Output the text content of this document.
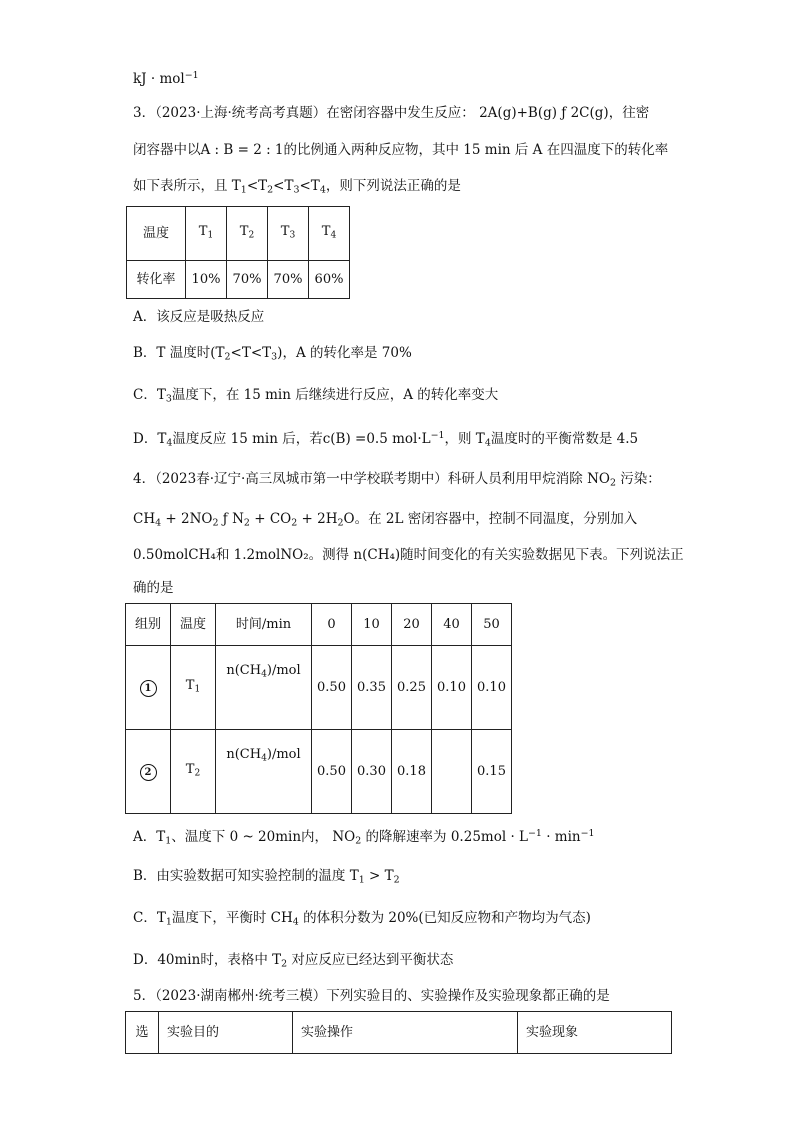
kJ · mol$^{-1}$
3．（2023·上海·统考高考真题）在密闭容器中发生反应： 2A(g)+B(g) ƒ 2C(g)，往密
闭容器中以A : B = 2 : 1的比例通入两种反应物，其中 15 min 后 A 在四温度下的转化率
如下表所示，且 $T_1<T_2<T_3<T_4$，则下列说法正确的是
温度	$T_1$	$T_2$	$T_3$	$T_4$
转化率	10%	70%	70%	60%
A．该反应是吸热反应
B．T 温度时$(T_2<T<T_3)$，A 的转化率是 70%
C．$T_3$温度下，在 15 min 后继续进行反应，A 的转化率变大
D．$T_4$温度反应 15 min 后，若c(B) =0.5 $mol\cdot L^{-1}$，则 $T_4$温度时的平衡常数是 4.5
4．（2023春·辽宁·高三凤城市第一中学校联考期中）科研人员利用甲烷消除 $NO_2$ 污染：
$CH_4 + 2NO_2$ ƒ $N_2 + CO_2 + 2H_2O$。在 2L 密闭容器中，控制不同温度，分别加入
0.50molCH₄和 1.2molNO₂。测得 n(CH₄)随时间变化的有关实验数据见下表。下列说法正
确的是
组别	温度	时间/min	0	10	20	40	50
1	$T_1$	$n(CH_4)$/mol	0.50	0.35	0.25	0.10	0.10
2	$T_2$	$n(CH_4)$/mol	0.50	0.30	0.18		0.15
A．$T_1$、温度下 0 ~ 20min内， $NO_2$ 的降解速率为 $0.25mol \cdot L^{-1} \cdot \min^{-1}$
B．由实验数据可知实验控制的温度 $T_1 > T_2$
C．$T_1$温度下，平衡时 $CH_4$ 的体积分数为 20%(已知反应物和产物均为气态)
D．40min时，表格中 $T_2$ 对应反应已经达到平衡状态
5．（2023·湖南郴州·统考三模）下列实验目的、实验操作及实验现象都正确的是
选	实验目的	实验操作	实验现象
